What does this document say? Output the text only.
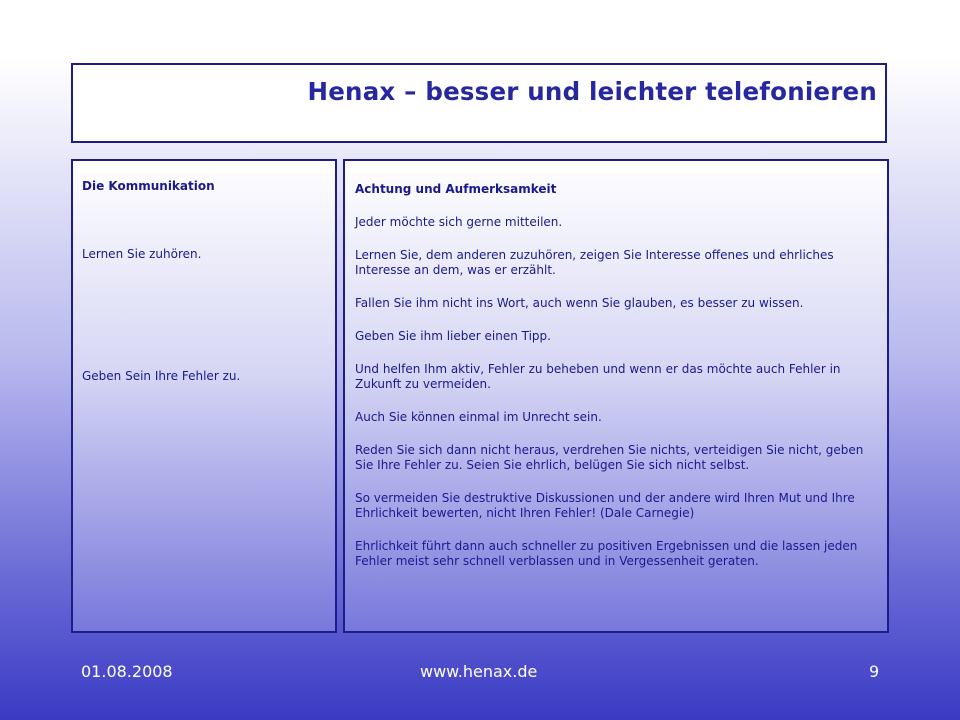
Henax – besser und leichter telefonieren

Die Kommunikation

Lernen Sie zuhören.

Geben Sein Ihre Fehler zu.

Achtung und Aufmerksamkeit

Jeder möchte sich gerne mitteilen.

Lernen Sie, dem anderen zuzuhören, zeigen Sie Interesse offenes und ehrliches Interesse an dem, was er erzählt.

Fallen Sie ihm nicht ins Wort, auch wenn Sie glauben, es besser zu wissen.

Geben Sie ihm lieber einen Tipp.

Und helfen Ihm aktiv, Fehler zu beheben und wenn er das möchte auch Fehler in Zukunft zu vermeiden.

Auch Sie können einmal im Unrecht sein.

Reden Sie sich dann nicht heraus, verdrehen Sie nichts, verteidigen Sie nicht, geben Sie Ihre Fehler zu. Seien Sie ehrlich, belügen Sie sich nicht selbst.

So vermeiden Sie destruktive Diskussionen und der andere wird Ihren Mut und Ihre Ehrlichkeit bewerten, nicht Ihren Fehler! (Dale Carnegie)

Ehrlichkeit führt dann auch schneller zu positiven Ergebnissen und die lassen jeden Fehler meist sehr schnell verblassen und in Vergessenheit geraten.

01.08.2008	www.henax.de	9
